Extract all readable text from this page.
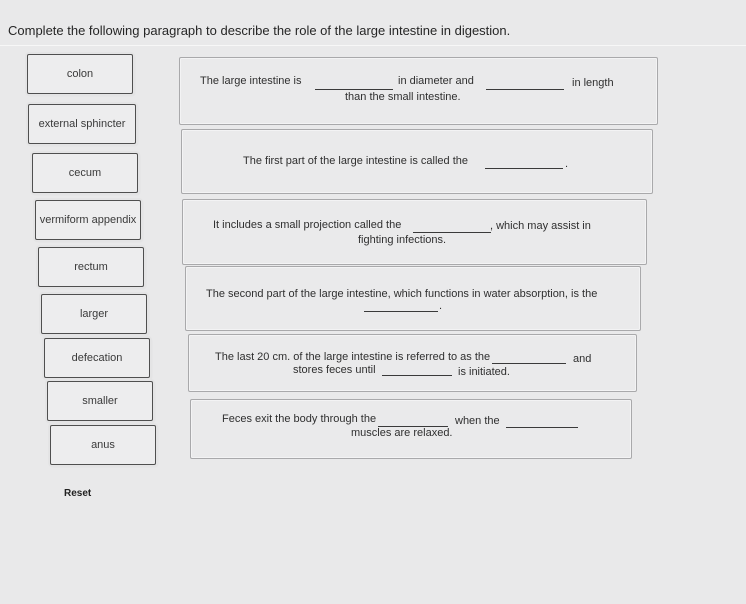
Complete the following paragraph to describe the role of the large intestine in digestion.
colon
external sphincter
cecum
vermiform appendix
rectum
larger
defecation
smaller
anus
Reset
The large intestine is	in diameter and	in length
than the small intestine.
The first part of the large intestine is called the	.
It includes a small projection called the	, which may assist in
fighting infections.
The second part of the large intestine, which functions in water absorption, is the
.
The last 20 cm. of the large intestine is referred to as the	and
stores feces until	is initiated.
Feces exit the body through the	when the
muscles are relaxed.
